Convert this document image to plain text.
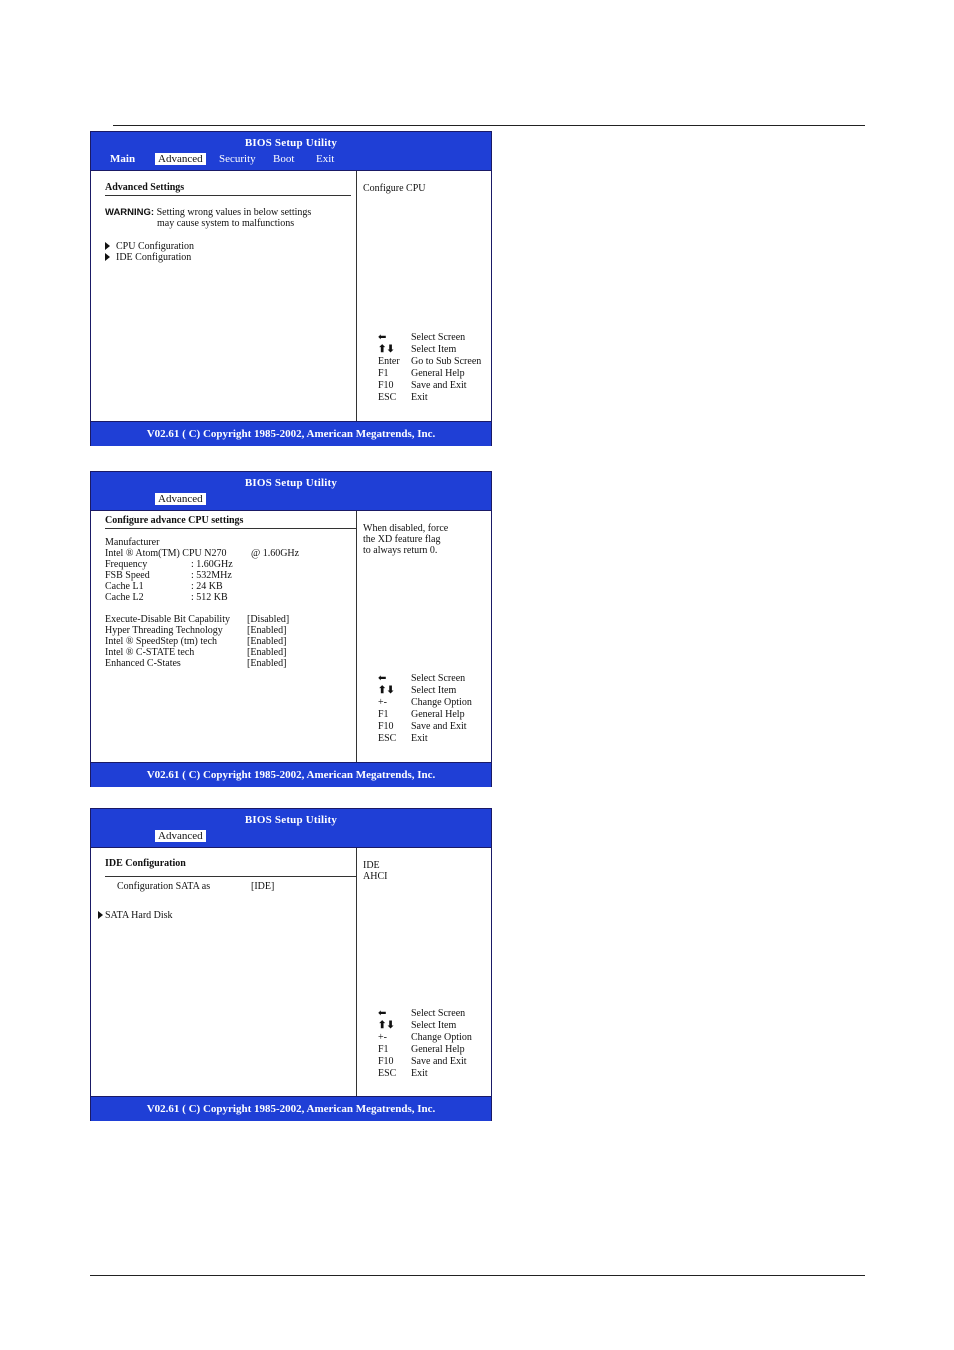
BIOS Setup Utility
Main	Advanced	Security Boot Exit
Advanced Settings
WARNING: Setting wrong values in below settings
may cause system to malfunctions
CPU Configuration
IDE Configuration
Configure CPU
⬅ Select Screen
⬆⬇ Select Item
Enter Go to Sub Screen
F1 General Help
F10 Save and Exit
ESC Exit
V02.61 ( C) Copyright 1985-2002, American Megatrends, Inc.
BIOS Setup Utility
Advanced
Configure advance CPU settings
Manufacturer
Intel ® Atom(TM) CPU N270 @ 1.60GHz
Frequency	: 1.60GHz
FSB Speed	: 532MHz
Cache L1	: 24 KB
Cache L2	: 512 KB
Execute-Disable Bit Capability [Disabled]
Hyper Threading Technology [Enabled]
Intel ® SpeedStep (tm) tech	[Enabled]
Intel ® C-STATE tech	[Enabled]
Enhanced C-States	[Enabled]
When disabled, force
the XD feature flag
to always return 0.
⬅ Select Screen
⬆⬇ Select Item
+- Change Option
F1 General Help
F10 Save and Exit
ESC Exit
V02.61 ( C) Copyright 1985-2002, American Megatrends, Inc.
BIOS Setup Utility
Advanced
IDE Configuration
Configuration SATA as	[IDE]
SATA Hard Disk
IDE
AHCI
⬅ Select Screen
⬆⬇ Select Item
+- Change Option
F1 General Help
F10 Save and Exit
ESC Exit
V02.61 ( C) Copyright 1985-2002, American Megatrends, Inc.
